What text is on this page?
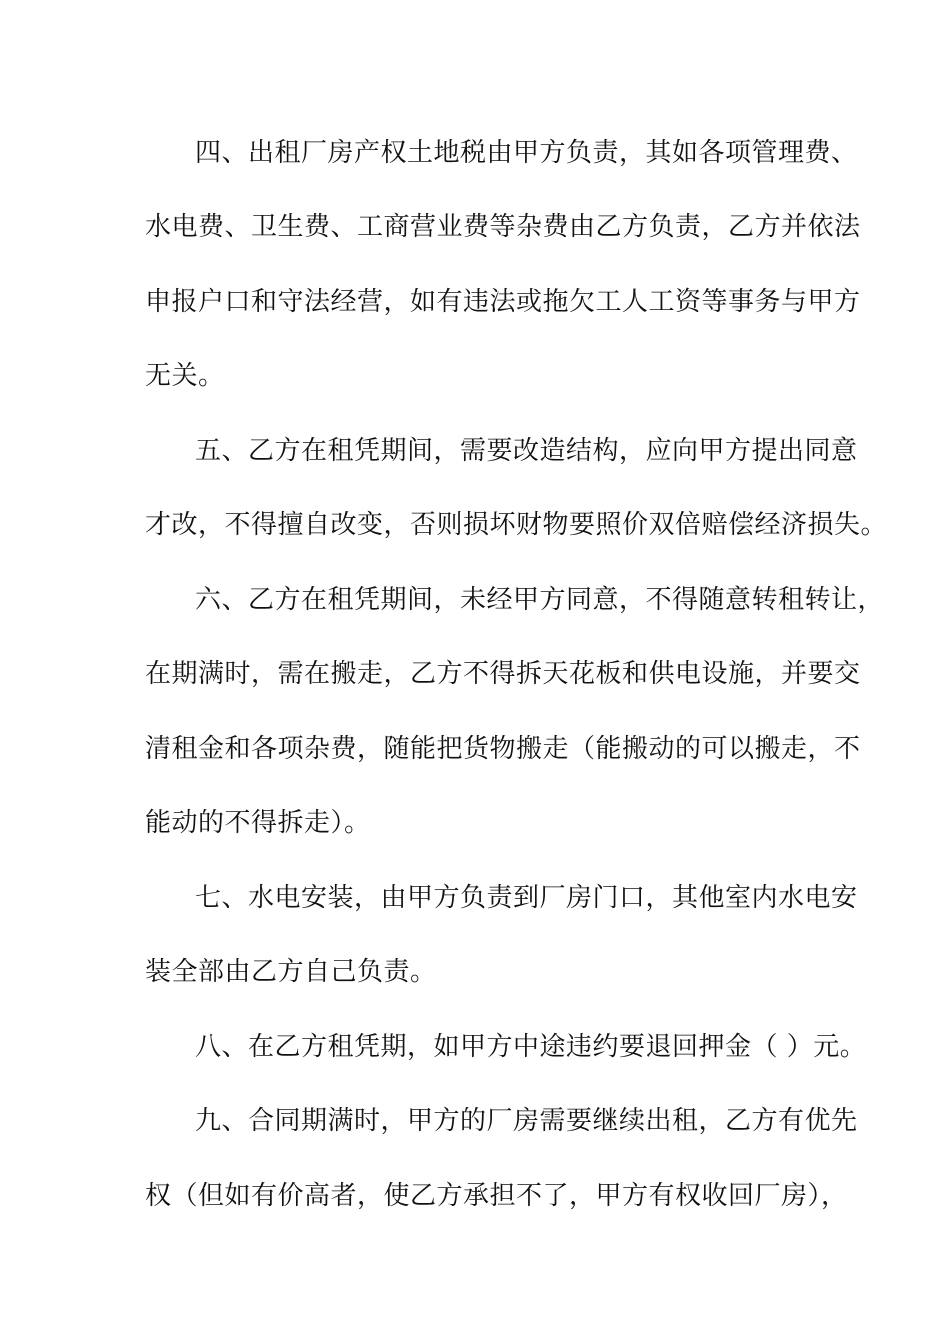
四、出租厂房产权土地税由甲方负责，其如各项管理费、

水电费、卫生费、工商营业费等杂费由乙方负责，乙方并依法

申报户口和守法经营，如有违法或拖欠工人工资等事务与甲方

无关。

五、乙方在租凭期间，需要改造结构，应向甲方提出同意

才改，不得擅自改变，否则损坏财物要照价双倍赔偿经济损失。

六、乙方在租凭期间，未经甲方同意，不得随意转租转让，

在期满时，需在搬走，乙方不得拆天花板和供电设施，并要交

清租金和各项杂费，随能把货物搬走（能搬动的可以搬走，不

能动的不得拆走）。

七、水电安装，由甲方负责到厂房门口，其他室内水电安

装全部由乙方自己负责。

八、在乙方租凭期，如甲方中途违约要退回押金（ ）元。

九、合同期满时，甲方的厂房需要继续出租，乙方有优先

权（但如有价高者，使乙方承担不了，甲方有权收回厂房），
